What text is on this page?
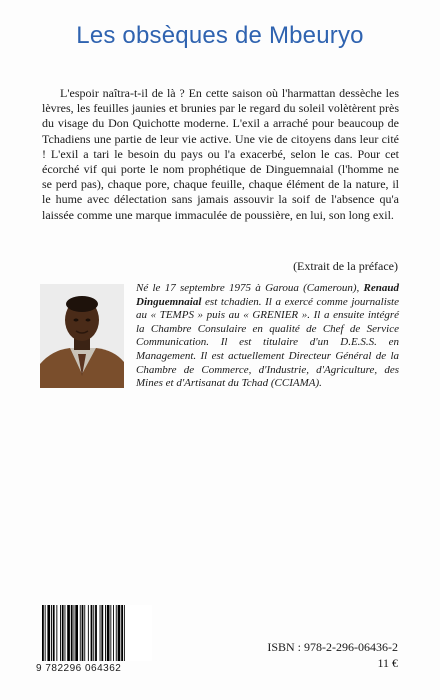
Les obsèques de Mbeuryo

L'espoir naîtra-t-il de là ? En cette saison où l'harmattan dessèche les lèvres, les feuilles jaunies et brunies par le regard du soleil volètèrent près du visage du Don Quichotte moderne. L'exil a arraché pour beaucoup de Tchadiens une partie de leur vie active. Une vie de citoyens dans leur cité ! L'exil a tari le besoin du pays ou l'a exacerbé, selon le cas. Pour cet écorché vif qui porte le nom prophétique de Dinguemnaial (l'homme ne se perd pas), chaque pore, chaque feuille, chaque élément de la nature, il le hume avec délectation sans jamais assouvir la soif de l'absence qu'a laissée comme une marque immaculée de poussière, en lui, son long exil.

(Extrait de la préface)

Né le 17 septembre 1975 à Garoua (Cameroun), Renaud Dinguemnaial est tchadien. Il a exercé comme journaliste au « TEMPS » puis au « GRENIER ». Il a ensuite intégré la Chambre Consulaire en qualité de Chef de Service Communication. Il est titulaire d'un D.E.S.S. en Management. Il est actuellement Directeur Général de la Chambre de Commerce, d'Industrie, d'Agriculture, des Mines et d'Artisanat du Tchad (CCIAMA).

9 782296 064362
ISBN : 978-2-296-06436-2
11 €
